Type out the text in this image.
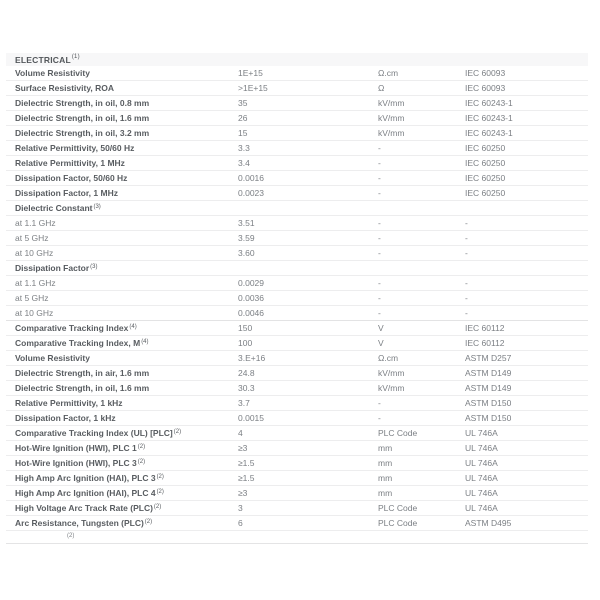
ELECTRICAL (1)
Volume Resistivity	1E+15	Ω.cm	IEC 60093
Surface Resistivity, ROA	>1E+15	Ω	IEC 60093
Dielectric Strength, in oil, 0.8 mm	35	kV/mm	IEC 60243-1
Dielectric Strength, in oil, 1.6 mm	26	kV/mm	IEC 60243-1
Dielectric Strength, in oil, 3.2 mm	15	kV/mm	IEC 60243-1
Relative Permittivity, 50/60 Hz	3.3	-	IEC 60250
Relative Permittivity, 1 MHz	3.4	-	IEC 60250
Dissipation Factor, 50/60 Hz	0.0016	-	IEC 60250
Dissipation Factor, 1 MHz	0.0023	-	IEC 60250
Dielectric Constant$^{(3)}$
at 1.1 GHz	3.51	-	-
at 5 GHz	3.59	-	-
at 10 GHz	3.60	-	-
Dissipation Factor$^{(3)}$
at 1.1 GHz	0.0029	-	-
at 5 GHz	0.0036	-	-
at 10 GHz	0.0046	-	-
Comparative Tracking Index$^{(4)}$	150	V	IEC 60112
Comparative Tracking Index, $M^{(4)}$	100	V	IEC 60112
Volume Resistivity	3.E+16	Ω.cm	ASTM D257
Dielectric Strength, in air, 1.6 mm	24.8	kV/mm	ASTM D149
Dielectric Strength, in oil, 1.6 mm	30.3	kV/mm	ASTM D149
Relative Permittivity, 1 kHz	3.7	-	ASTM D150
Dissipation Factor, 1 kHz	0.0015	-	ASTM D150
Comparative Tracking Index (UL) [PLC]$^{(2)}$	4	PLC Code	UL 746A
Hot-Wire Ignition (HWI), PLC $1^{(2)}$	≥3	mm	UL 746A
Hot-Wire Ignition (HWI), PLC $3^{(2)}$	≥1.5	mm	UL 746A
High Amp Arc Ignition (HAI), PLC $3^{(2)}$	≥1.5	mm	UL 746A
High Amp Arc Ignition (HAI), PLC $4^{(2)}$	≥3	mm	UL 746A
High Voltage Arc Track Rate (PLC)$^{(2)}$	3	PLC Code	UL 746A
Arc Resistance, Tungsten (PLC)$^{(2)}$	6	PLC Code	ASTM D495
(2)
